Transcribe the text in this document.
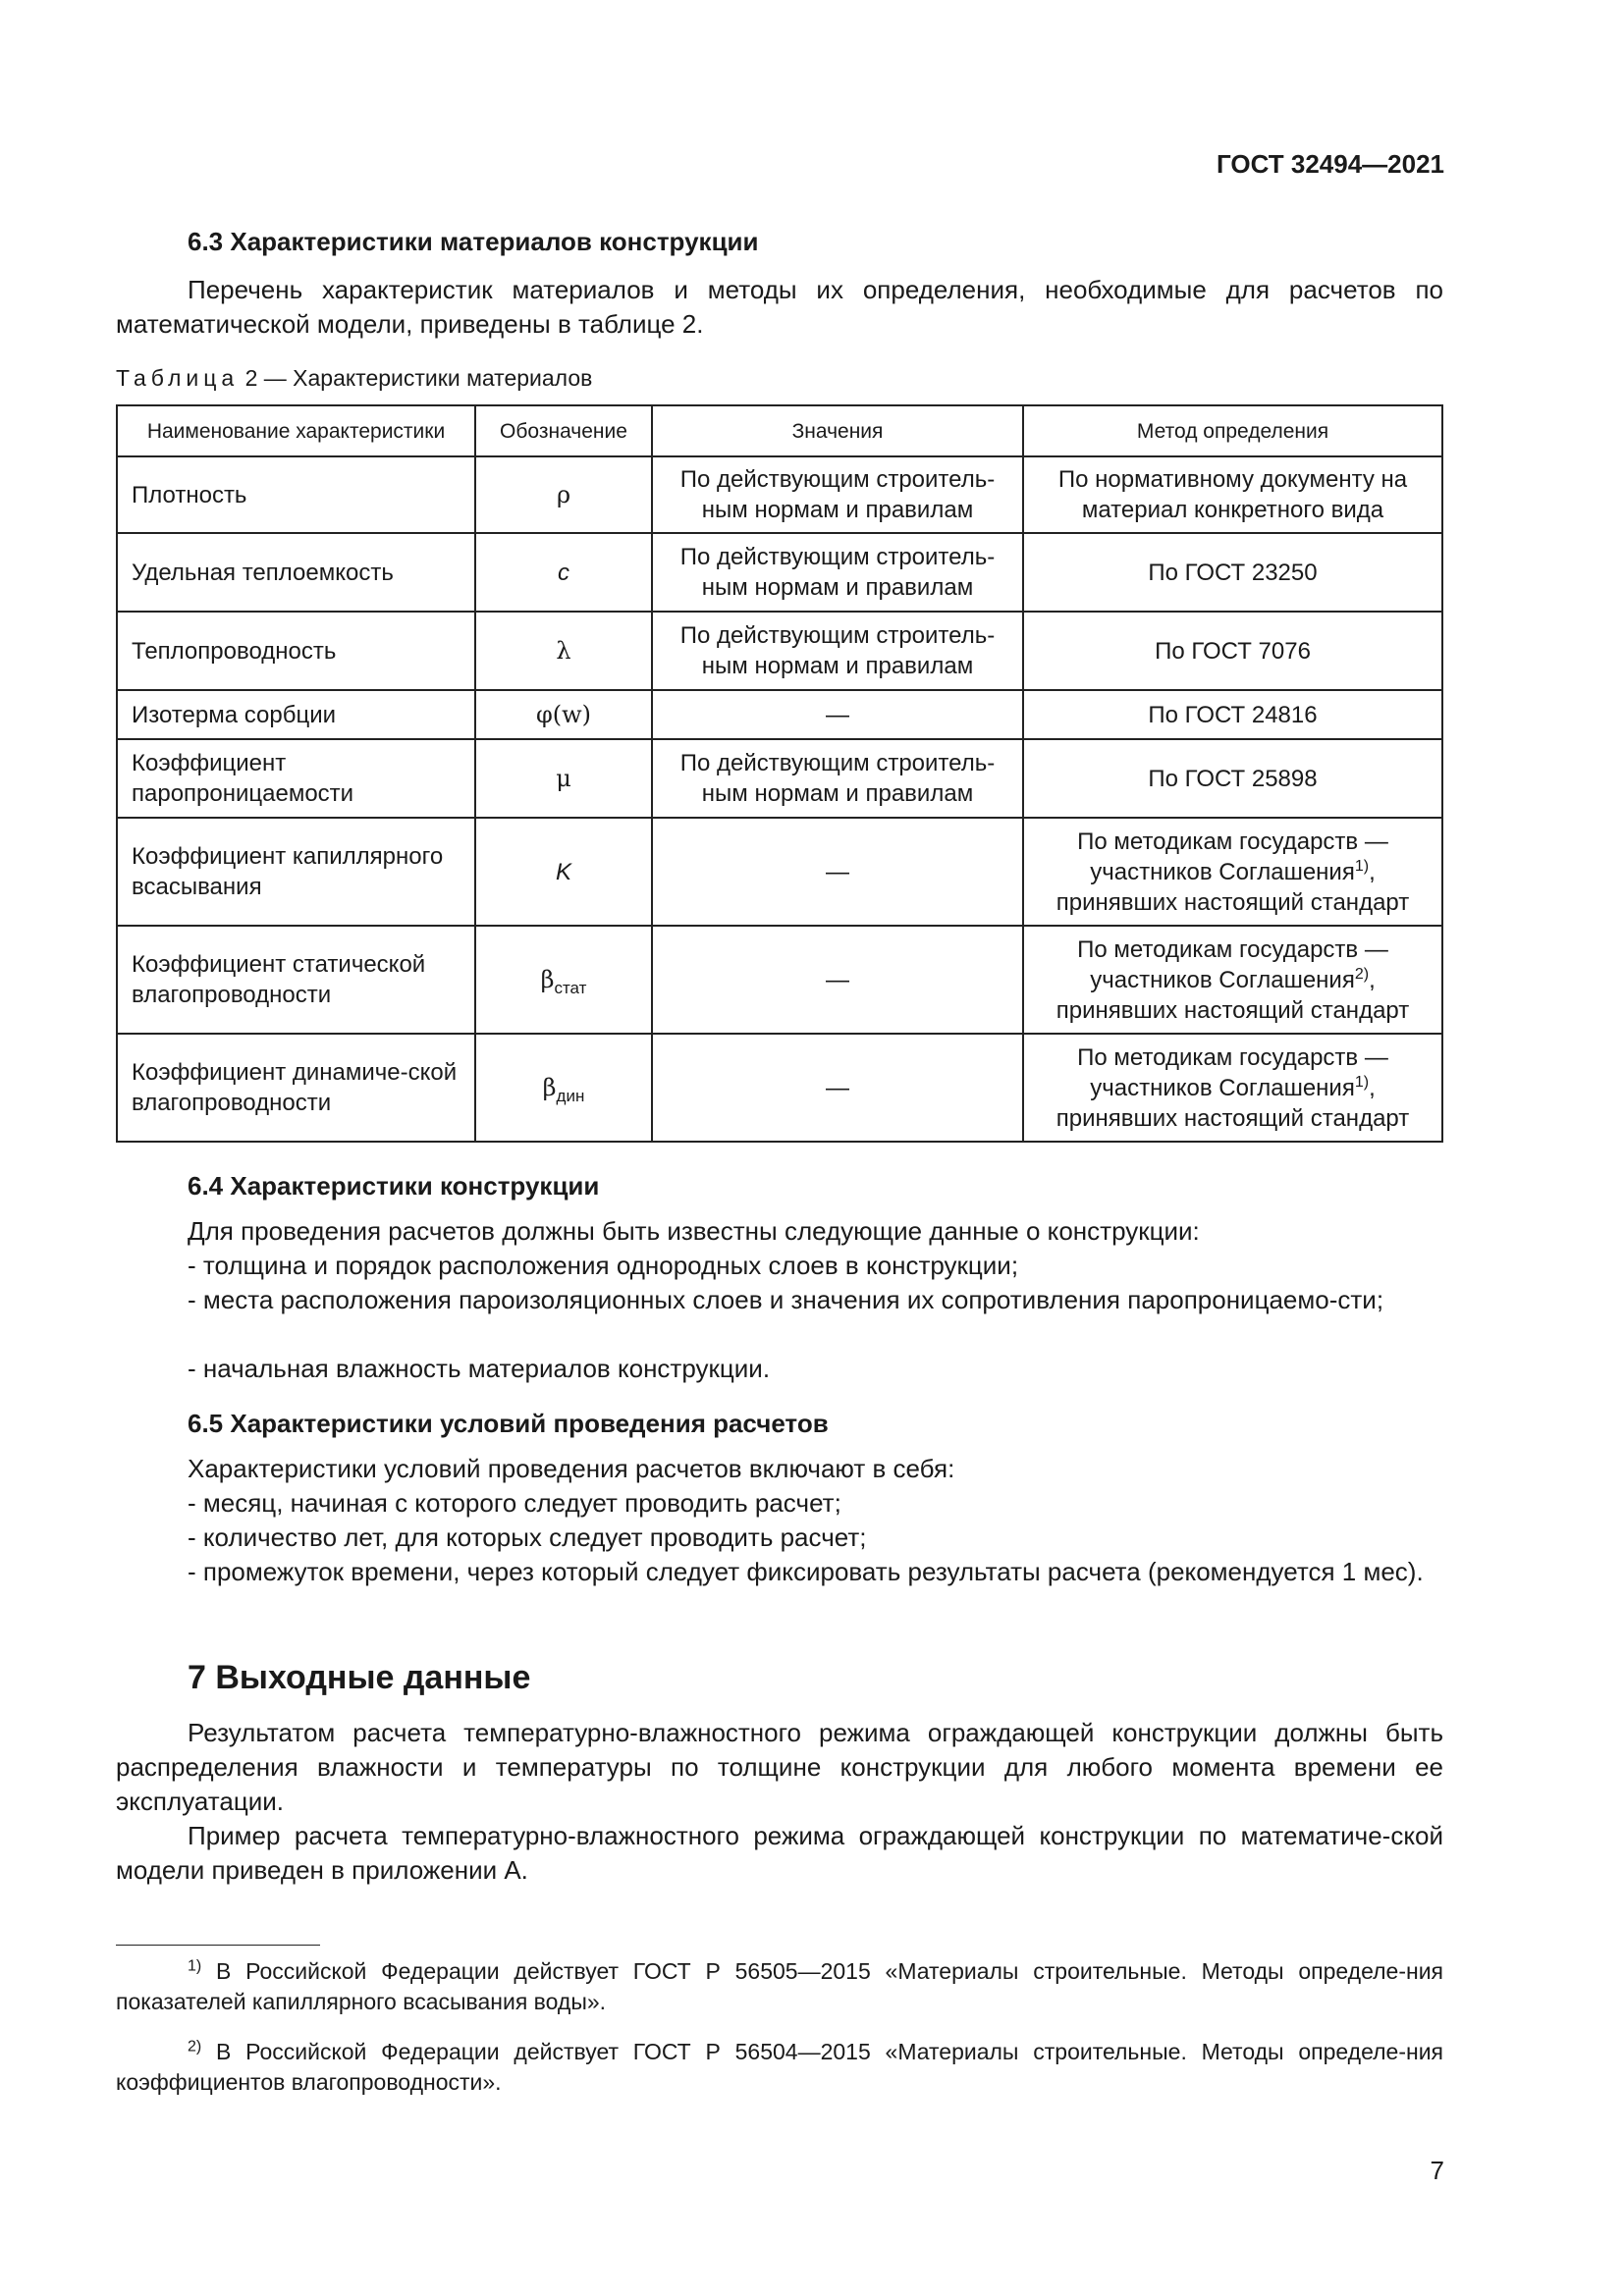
ГОСТ 32494—2021
6.3 Характеристики материалов конструкции

Перечень характеристик материалов и методы их определения, необходимые для расчетов по математической модели, приведены в таблице 2.

Таблица 2 — Характеристики материалов
Наименование характеристики	Обозначение	Значения	Метод определения
Плотность	ρ	По действующим строитель-ным нормам и правилам	По нормативному документу на материал конкретного вида
Удельная теплоемкость	c	По действующим строитель-ным нормам и правилам	По ГОСТ 23250
Теплопроводность	λ	По действующим строитель-ным нормам и правилам	По ГОСТ 7076
Изотерма сорбции	φ(w)	—	По ГОСТ 24816
Коэффициент паропроницаемости	μ	По действующим строитель-ным нормам и правилам	По ГОСТ 25898
Коэффициент капиллярного всасывания	K	—	По методикам государств — участников Соглашения$^{1)}$, принявших настоящий стандарт
Коэффициент статической влагопроводности	$\beta_{стат}$	—	По методикам государств — участников Соглашения$^{2)}$, принявших настоящий стандарт
Коэффициент динамиче-ской влагопроводности	$\beta_{дин}$	—	По методикам государств — участников Соглашения$^{1)}$, принявших настоящий стандарт
6.4 Характеристики конструкции
Для проведения расчетов должны быть известны следующие данные о конструкции:
- толщина и порядок расположения однородных слоев в конструкции;

- места расположения пароизоляционных слоев и значения их сопротивления паропроницаемо-сти;

- начальная влажность материалов конструкции.
6.5 Характеристики условий проведения расчетов
Характеристики условий проведения расчетов включают в себя:
- месяц, начиная с которого следует проводить расчет;
- количество лет, для которых следует проводить расчет;

- промежуток времени, через который следует фиксировать результаты расчета (рекомендуется 1 мес).

7 Выходные данные

Результатом расчета температурно-влажностного режима ограждающей конструкции должны быть распределения влажности и температуры по толщине конструкции для любого момента времени ее эксплуатации.

Пример расчета температурно-влажностного режима ограждающей конструкции по математиче-ской модели приведен в приложении А.

$^{1)}$ В Российской Федерации действует ГОСТ Р 56505—2015 «Материалы строительные. Методы определе-ния показателей капиллярного всасывания воды».

$^{2)}$ В Российской Федерации действует ГОСТ Р 56504—2015 «Материалы строительные. Методы определе-ния коэффициентов влагопроводности».

7
